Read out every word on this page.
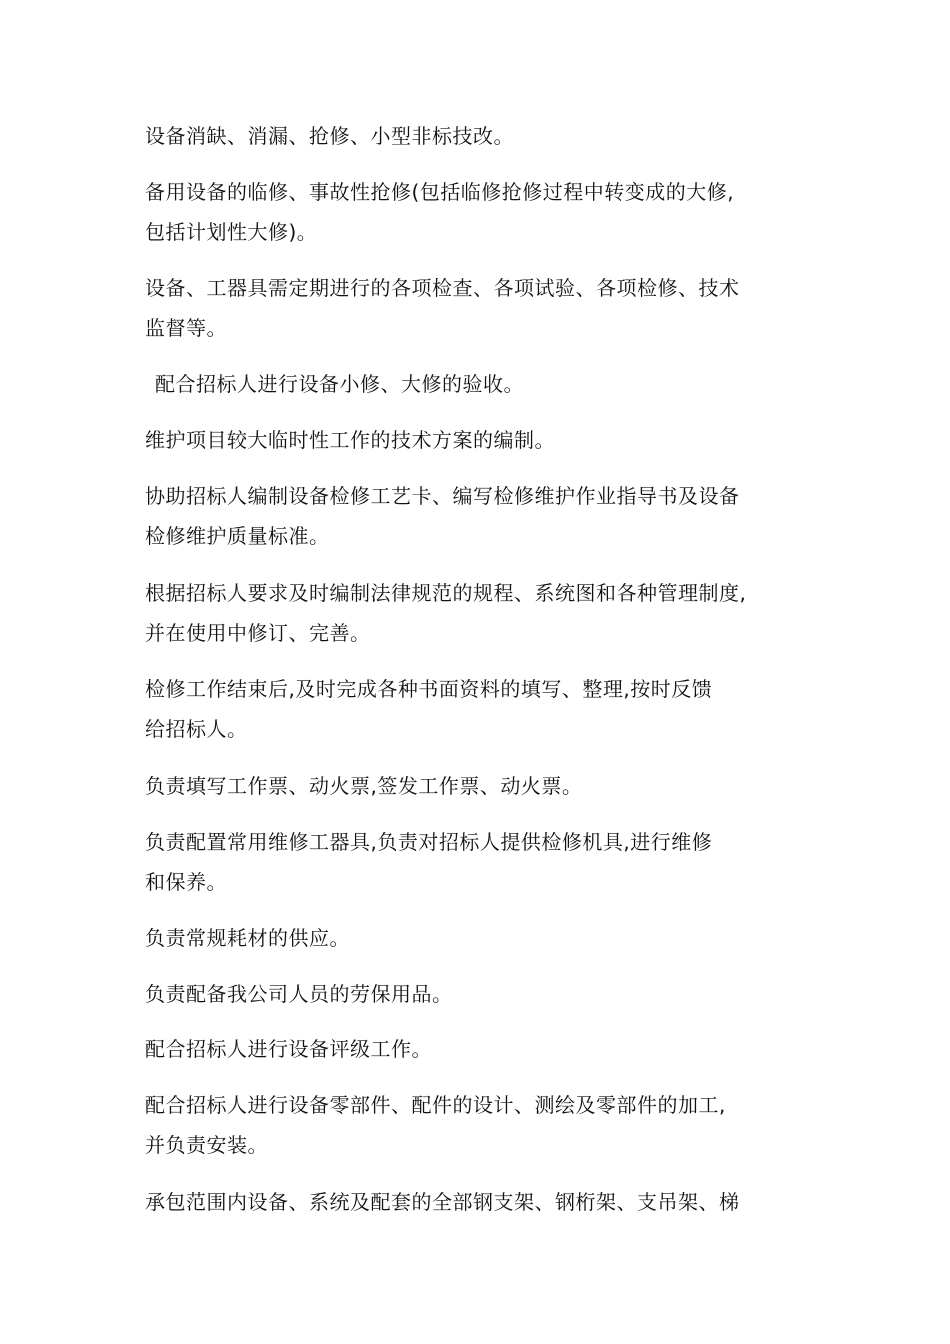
设备消缺、消漏、抢修、小型非标技改。

备用设备的临修、事故性抢修(包括临修抢修过程中转变成的大修,
包括计划性大修)。

设备、工器具需定期进行的各项检查、各项试验、各项检修、技术
监督等。

配合招标人进行设备小修、大修的验收。

维护项目较大临时性工作的技术方案的编制。

协助招标人编制设备检修工艺卡、编写检修维护作业指导书及设备
检修维护质量标准。

根据招标人要求及时编制法律规范的规程、系统图和各种管理制度,
并在使用中修订、完善。

检修工作结束后,及时完成各种书面资料的填写、整理,按时反馈
给招标人。

负责填写工作票、动火票,签发工作票、动火票。

负责配置常用维修工器具,负责对招标人提供检修机具,进行维修
和保养。

负责常规耗材的供应。

负责配备我公司人员的劳保用品。

配合招标人进行设备评级工作。

配合招标人进行设备零部件、配件的设计、测绘及零部件的加工,
并负责安装。

承包范围内设备、系统及配套的全部钢支架、钢桁架、支吊架、梯
